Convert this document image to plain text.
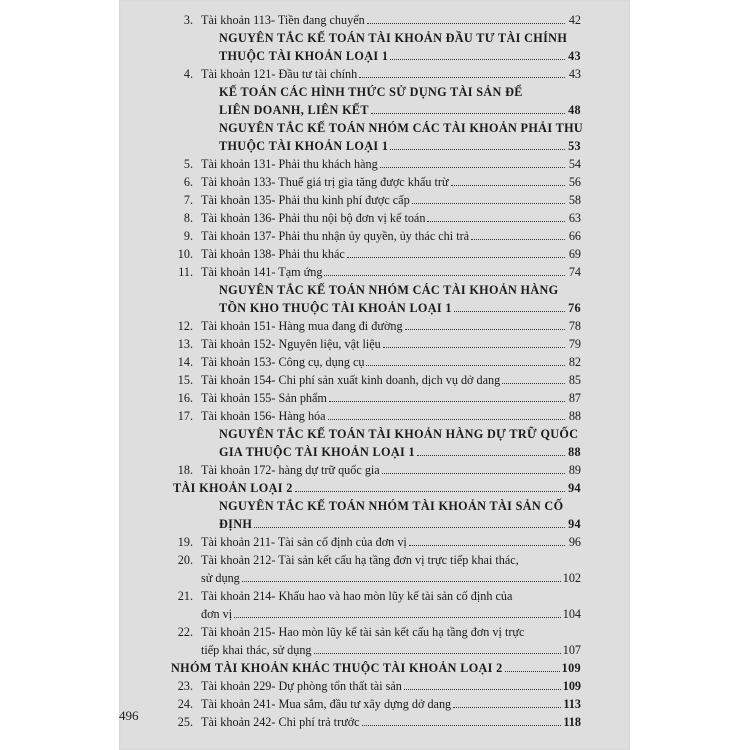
3. Tài khoản 113- Tiền đang chuyển	42
NGUYÊN TẮC KẾ TOÁN TÀI KHOẢN ĐẦU TƯ TÀI CHÍNH
THUỘC TÀI KHOẢN LOẠI 1	43
4. Tài khoản 121- Đầu tư tài chính	43
KẾ TOÁN CÁC HÌNH THỨC SỬ DỤNG TÀI SẢN ĐỂ
LIÊN DOANH, LIÊN KẾT	48
NGUYÊN TẮC KẾ TOÁN NHÓM CÁC TÀI KHOẢN PHẢI THU
THUỘC TÀI KHOẢN LOẠI 1	53
5. Tài khoản 131- Phải thu khách hàng	54
6. Tài khoản 133- Thuế giá trị gia tăng được khấu trừ	56
7. Tài khoản 135- Phải thu kinh phí được cấp	58
8. Tài khoản 136- Phải thu nội bộ đơn vị kế toán	63
9. Tài khoản 137- Phải thu nhận ủy quyền, ủy thác chi trả	66
10. Tài khoản 138- Phải thu khác	69
11. Tài khoản 141- Tạm ứng	74
NGUYÊN TẮC KẾ TOÁN NHÓM CÁC TÀI KHOẢN HÀNG
TỒN KHO THUỘC TÀI KHOẢN LOẠI 1	76
12. Tài khoản 151- Hàng mua đang đi đường	78
13. Tài khoản 152- Nguyên liệu, vật liệu	79
14. Tài khoản 153- Công cụ, dụng cụ	82
15. Tài khoản 154- Chi phí sản xuất kinh doanh, dịch vụ dở dang	85
16. Tài khoản 155- Sản phẩm	87
17. Tài khoản 156- Hàng hóa	88
NGUYÊN TẮC KẾ TOÁN TÀI KHOẢN HÀNG DỰ TRỮ QUỐC
GIA THUỘC TÀI KHOẢN LOẠI 1	88
18. Tài khoản 172- hàng dự trữ quốc gia	89
TÀI KHOẢN LOẠI 2	94
NGUYÊN TẮC KẾ TOÁN NHÓM TÀI KHOẢN TÀI SẢN CỐ
ĐỊNH	94
19. Tài khoản 211- Tài sản cố định của đơn vị	96
20. Tài khoản 212- Tài sản kết cấu hạ tầng đơn vị trực tiếp khai thác,
sử dụng	102
21. Tài khoản 214- Khấu hao và hao mòn lũy kế tài sản cố định của
đơn vị	104
22. Tài khoản 215- Hao mòn lũy kế tài sản kết cấu hạ tầng đơn vị trực
tiếp khai thác, sử dụng	107
NHÓM TÀI KHOẢN KHÁC THUỘC TÀI KHOẢN LOẠI 2	109
23. Tài khoản 229- Dự phòng tổn thất tài sản	109
24. Tài khoản 241- Mua sắm, đầu tư xây dựng dở dang	113
25. Tài khoản 242- Chi phí trả trước	118
496
